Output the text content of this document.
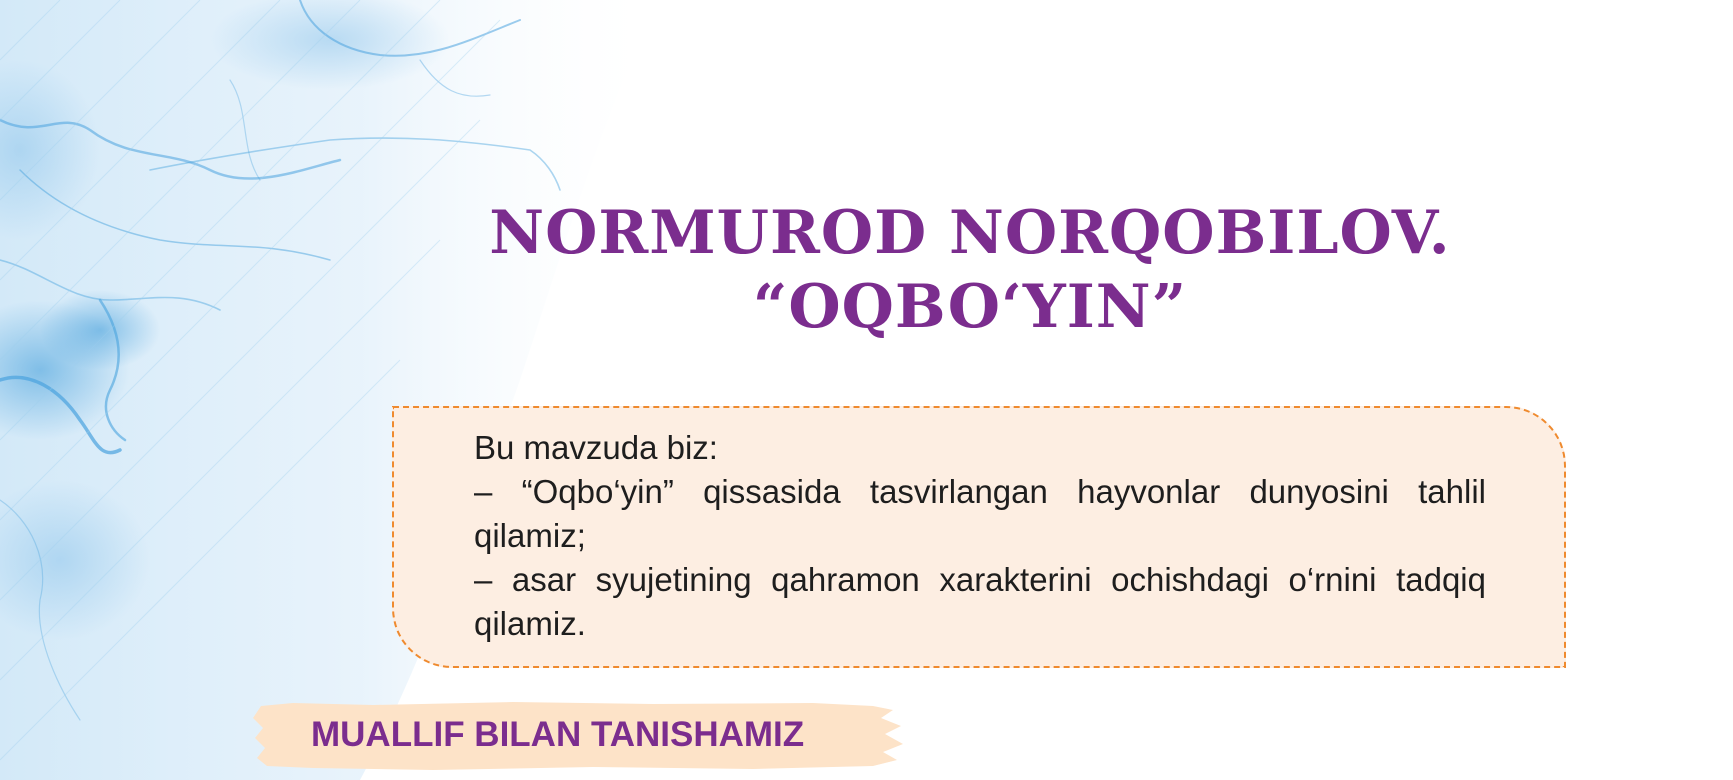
NORMUROD NORQOBILOV.
“OQBO‘YIN”
Bu mavzuda biz:
– “Oqbo‘yin” qissasida tasvirlangan hayvonlar dunyosini tahlil qilamiz;
– asar syujetining qahramon xarakterini ochishdagi o‘rnini tadqiq qilamiz.
MUALLIF BILAN TANISHAMIZ
